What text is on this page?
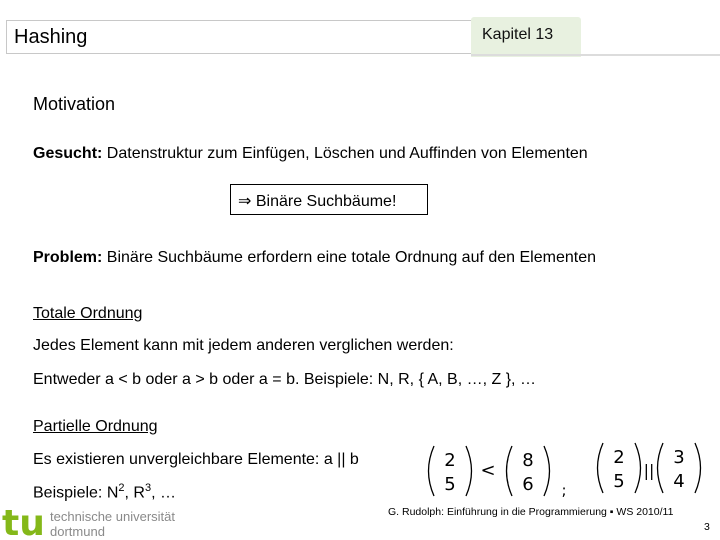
Hashing	Kapitel 13
Motivation
Gesucht: Datenstruktur zum Einfügen, Löschen und Auffinden von Elementen
⇒ Binäre Suchbäume!
Problem: Binäre Suchbäume erfordern eine totale Ordnung auf den Elementen
Totale Ordnung
Jedes Element kann mit jedem anderen verglichen werden:
Entweder a < b oder a > b oder a = b. Beispiele: N, R, { A, B, …, Z }, …
Partielle Ordnung
Es existieren unvergleichbare Elemente: a || b
Beispiele: $N^2$, $R^3$, …
2
5
< 8
6 ;
2
5
||
3
4
tu technische universität
dortmund
G. Rudolph: Einführung in die Programmierung ▪ WS 2010/11
3
